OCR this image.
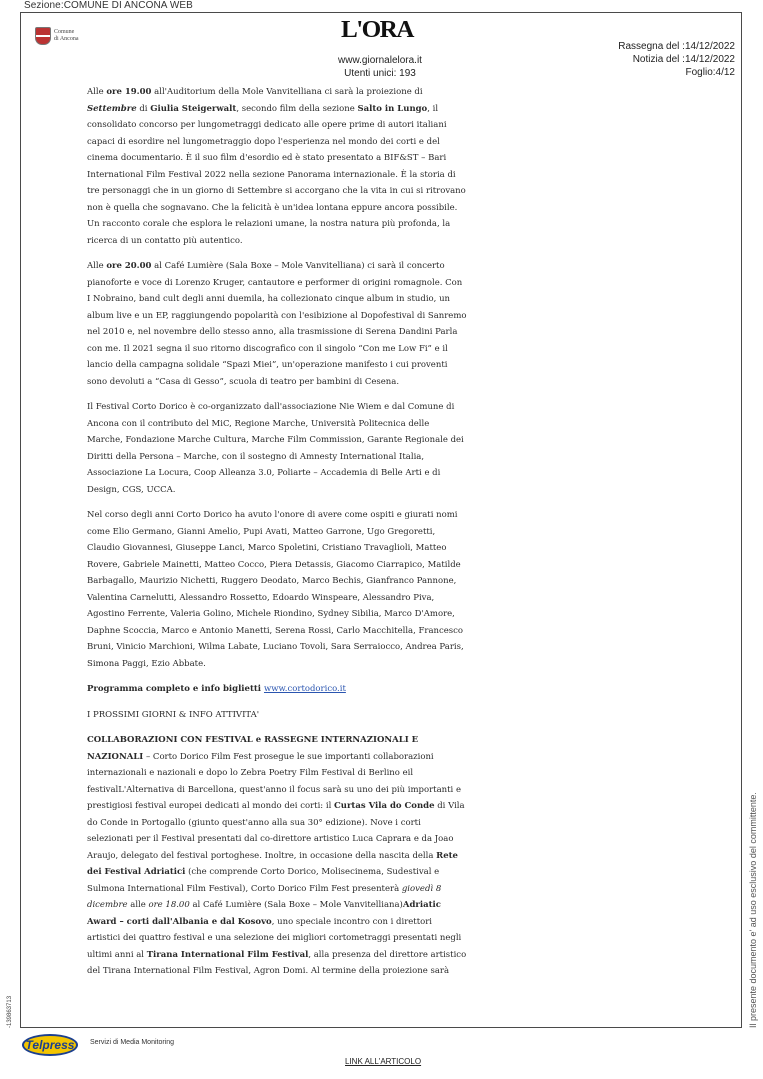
Sezione:COMUNE DI ANCONA WEB
Comune
di Ancona	L'ORA
www.giornalelora.it
Utenti unici: 193
Rassegna del :14/12/2022
Notizia del :14/12/2022
Foglio:4/12

Alle ore 19.00 all'Auditorium della Mole Vanvitelliana ci sarà la proiezione di Settembre di Giulia Steigerwalt, secondo film della sezione Salto in Lungo, il consolidato concorso per lungometraggi dedicato alle opere prime di autori italiani capaci di esordire nel lungometraggio dopo l'esperienza nel mondo dei corti e del cinema documentario. È il suo film d'esordio ed è stato presentato a BIF&ST – Bari International Film Festival 2022 nella sezione Panorama internazionale. È la storia di tre personaggi che in un giorno di Settembre si accorgano che la vita in cui si ritrovano non è quella che sognavano. Che la felicità è un'idea lontana eppure ancora possibile. Un racconto corale che esplora le relazioni umane, la nostra natura più profonda, la ricerca di un contatto più autentico.

Alle ore 20.00 al Café Lumière (Sala Boxe – Mole Vanvitelliana) ci sarà il concerto pianoforte e voce di Lorenzo Kruger, cantautore e performer di origini romagnole. Con I Nobraino, band cult degli anni duemila, ha collezionato cinque album in studio, un album live e un EP, raggiungendo popolarità con l'esibizione al Dopofestival di Sanremo nel 2010 e, nel novembre dello stesso anno, alla trasmissione di Serena Dandini Parla con me. Il 2021 segna il suo ritorno discografico con il singolo “Con me Low Fi” e il lancio della campagna solidale “Spazi Miei”, un'operazione manifesto i cui proventi sono devoluti a “Casa di Gesso”, scuola di teatro per bambini di Cesena.

Il Festival Corto Dorico è co-organizzato dall'associazione Nie Wiem e dal Comune di Ancona con il contributo del MiC, Regione Marche, Università Politecnica delle Marche, Fondazione Marche Cultura, Marche Film Commission, Garante Regionale dei Diritti della Persona – Marche, con il sostegno di Amnesty International Italia, Associazione La Locura, Coop Alleanza 3.0, Poliarte – Accademia di Belle Arti e di Design, CGS, UCCA.

Nel corso degli anni Corto Dorico ha avuto l'onore di avere come ospiti e giurati nomi come Elio Germano, Gianni Amelio, Pupi Avati, Matteo Garrone, Ugo Gregoretti, Claudio Giovannesi, Giuseppe Lanci, Marco Spoletini, Cristiano Travaglioli, Matteo Rovere, Gabriele Mainetti, Matteo Cocco, Piera Detassis, Giacomo Ciarrapico, Matilde Barbagallo, Maurizio Nichetti, Ruggero Deodato, Marco Bechis, Gianfranco Pannone, Valentina Carnelutti, Alessandro Rossetto, Edoardo Winspeare, Alessandro Piva, Agostino Ferrente, Valeria Golino, Michele Riondino, Sydney Sibilia, Marco D'Amore, Daphne Scoccia, Marco e Antonio Manetti, Serena Rossi, Carlo Macchitella, Francesco Bruni, Vinicio Marchioni, Wilma Labate, Luciano Tovoli, Sara Serraiocco, Andrea Paris, Simona Paggi, Ezio Abbate.

Programma completo e info biglietti www.cortodorico.it

I PROSSIMI GIORNI & INFO ATTIVITA'

COLLABORAZIONI CON FESTIVAL e RASSEGNE INTERNAZIONALI E NAZIONALI – Corto Dorico Film Fest prosegue le sue importanti collaborazioni internazionali e nazionali e dopo lo Zebra Poetry Film Festival di Berlino eil festivalL'Alternativa di Barcellona, quest'anno il focus sarà su uno dei più importanti e prestigiosi festival europei dedicati al mondo dei corti: il Curtas Vila do Conde di Vila do Conde in Portogallo (giunto quest'anno alla sua 30° edizione). Nove i corti selezionati per il Festival presentati dal co-direttore artistico Luca Caprara e da Joao Araujo, delegato del festival portoghese. Inoltre, in occasione della nascita della Rete dei Festival Adriatici (che comprende Corto Dorico, Molisecinema, Sudestival e Sulmona International Film Festival), Corto Dorico Film Fest presenterà giovedì 8 dicembre alle ore 18.00 al Café Lumière (Sala Boxe – Mole Vanvitelliana)Adriatic Award – corti dall'Albania e dal Kosovo, uno speciale incontro con i direttori artistici dei quattro festival e una selezione dei migliori cortometraggi presentati negli ultimi anni al Tirana International Film Festival, alla presenza del direttore artistico del Tirana International Film Festival, Agron Domi. Al termine della proiezione sarà	Il presente documento e' ad uso esclusivo del committente.
-139863713
Telpress	Servizi di Media Monitoring
LINK ALL'ARTICOLO
